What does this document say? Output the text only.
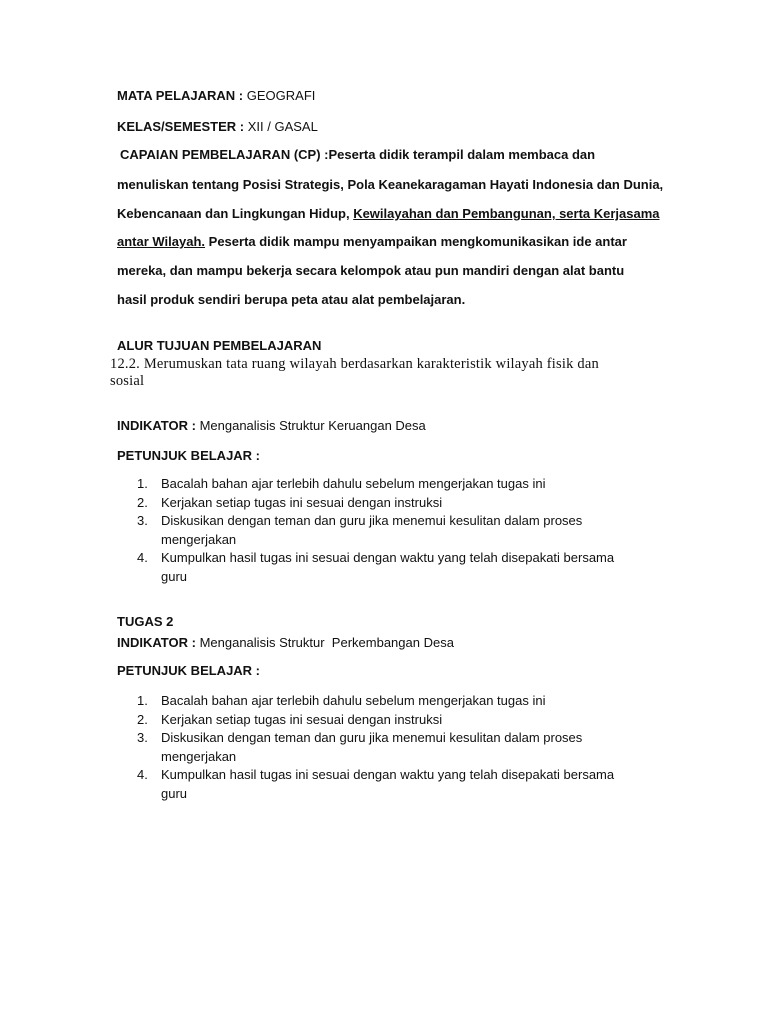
MATA PELAJARAN : GEOGRAFI
KELAS/SEMESTER : XII / GASAL
CAPAIAN PEMBELAJARAN (CP) :Peserta didik terampil dalam membaca dan
menuliskan tentang Posisi Strategis, Pola Keanekaragaman Hayati Indonesia dan Dunia,
Kebencanaan dan Lingkungan Hidup, Kewilayahan dan Pembangunan, serta Kerjasama
antar Wilayah. Peserta didik mampu menyampaikan mengkomunikasikan ide antar
mereka, dan mampu bekerja secara kelompok atau pun mandiri dengan alat bantu
hasil produk sendiri berupa peta atau alat pembelajaran.
ALUR TUJUAN PEMBELAJARAN
12.2. Merumuskan tata ruang wilayah berdasarkan karakteristik wilayah fisik dan
sosial
INDIKATOR : Menganalisis Struktur Keruangan Desa
PETUNJUK BELAJAR :
1. Bacalah bahan ajar terlebih dahulu sebelum mengerjakan tugas ini
2. Kerjakan setiap tugas ini sesuai dengan instruksi
3. Diskusikan dengan teman dan guru jika menemui kesulitan dalam proses
mengerjakan
4. Kumpulkan hasil tugas ini sesuai dengan waktu yang telah disepakati bersama
guru
TUGAS 2
INDIKATOR : Menganalisis Struktur  Perkembangan Desa
PETUNJUK BELAJAR :
1. Bacalah bahan ajar terlebih dahulu sebelum mengerjakan tugas ini
2. Kerjakan setiap tugas ini sesuai dengan instruksi
3. Diskusikan dengan teman dan guru jika menemui kesulitan dalam proses
mengerjakan
4. Kumpulkan hasil tugas ini sesuai dengan waktu yang telah disepakati bersama
guru
